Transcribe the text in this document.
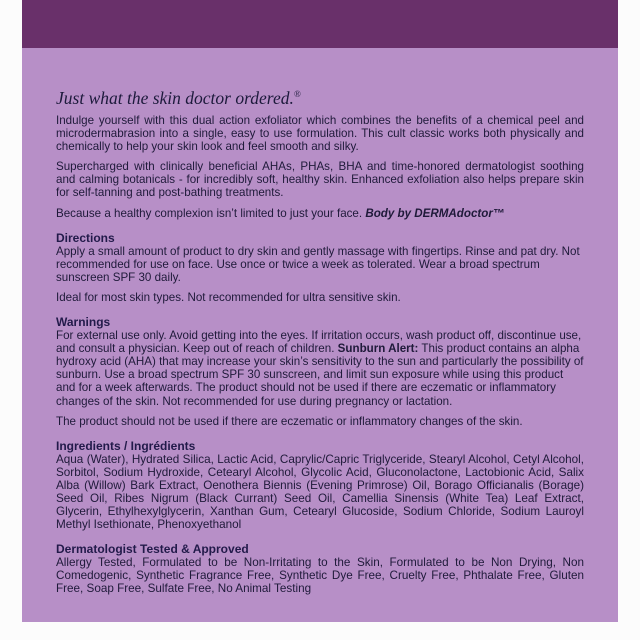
Just what the skin doctor ordered.®

Indulge yourself with this dual action exfoliator which combines the benefits of a chemical peel and microdermabrasion into a single, easy to use formulation. This cult classic works both physically and chemically to help your skin look and feel smooth and silky.

Supercharged with clinically beneficial AHAs, PHAs, BHA and time-honored dermatologist soothing and calming botanicals - for incredibly soft, healthy skin. Enhanced exfoliation also helps prepare skin for self-tanning and post-bathing treatments.

Because a healthy complexion isn’t limited to just your face. Body by DERMAdoctor™

Directions

Apply a small amount of product to dry skin and gently massage with fingertips. Rinse and pat dry. Not recommended for use on face. Use once or twice a week as tolerated. Wear a broad spectrum sunscreen SPF 30 daily.

Ideal for most skin types. Not recommended for ultra sensitive skin.

Warnings

For external use only. Avoid getting into the eyes. If irritation occurs, wash product off, discontinue use, and consult a physician. Keep out of reach of children. Sunburn Alert: This product contains an alpha hydroxy acid (AHA) that may increase your skin’s sensitivity to the sun and particularly the possibility of sunburn. Use a broad spectrum SPF 30 sunscreen, and limit sun exposure while using this product and for a week afterwards. The product should not be used if there are eczematic or inflammatory changes of the skin. Not recommended for use during pregnancy or lactation.

The product should not be used if there are eczematic or inflammatory changes of the skin.

Ingredients / Ingrédients

Aqua (Water), Hydrated Silica, Lactic Acid, Caprylic/Capric Triglyceride, Stearyl Alcohol, Cetyl Alcohol, Sorbitol, Sodium Hydroxide, Cetearyl Alcohol, Glycolic Acid, Gluconolactone, Lactobionic Acid, Salix Alba (Willow) Bark Extract, Oenothera Biennis (Evening Primrose) Oil, Borago Officianalis (Borage) Seed Oil, Ribes Nigrum (Black Currant) Seed Oil, Camellia Sinensis (White Tea) Leaf Extract, Glycerin, Ethylhexylglycerin, Xanthan Gum, Cetearyl Glucoside, Sodium Chloride, Sodium Lauroyl Methyl Isethionate, Phenoxyethanol

Dermatologist Tested & Approved

Allergy Tested, Formulated to be Non-Irritating to the Skin, Formulated to be Non Drying, Non Comedogenic, Synthetic Fragrance Free, Synthetic Dye Free, Cruelty Free, Phthalate Free, Gluten Free, Soap Free, Sulfate Free, No Animal Testing
